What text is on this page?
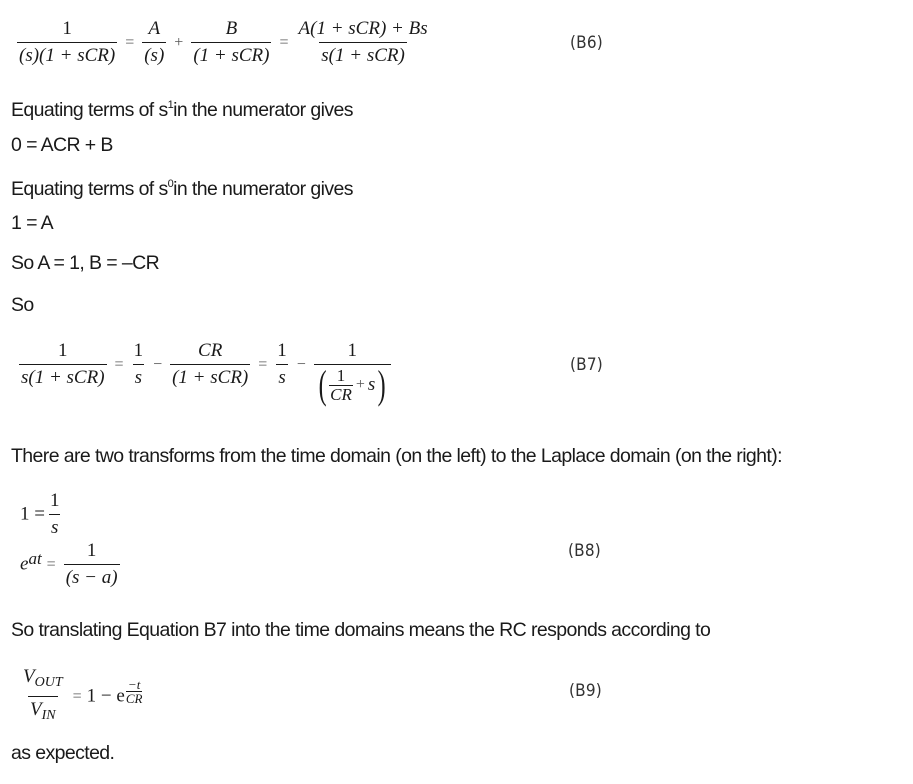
$\frac{1}{\text{(s)(1 + sCR)}} = \frac{A}{(s)} + \frac{B}{\text{(1 + sCR)}} = \frac{\text{A(1 + sCR) + Bs}}{\text{s(1 + sCR)}}$	(B6)
Equating terms of $s^1in$ the numerator gives
0 = ACR + B
Equating terms of $s^0in$ the numerator gives
1 = A
So A = 1, B = –CR
So
$\frac{1}{\text{s(1 + sCR)}} = \frac{1}{s} - \frac{CR}{\text{(1 + sCR)}} = \frac{1}{s} - \frac{1}{( \frac{1}{CR} + s)}$	(B7)
There are two transforms from the time domain (on the left) to the Laplace domain (on the right):
$1 = \frac{1}{s}$
eat = $\frac{1}{(s - a)}$	(B8)
So translating Equation B7 into the time domains means the RC responds according to
$\frac{V_{OUT}}{V_{IN}} = 1 - e \frac{-t}{CR}$	(B9)
as expected.
